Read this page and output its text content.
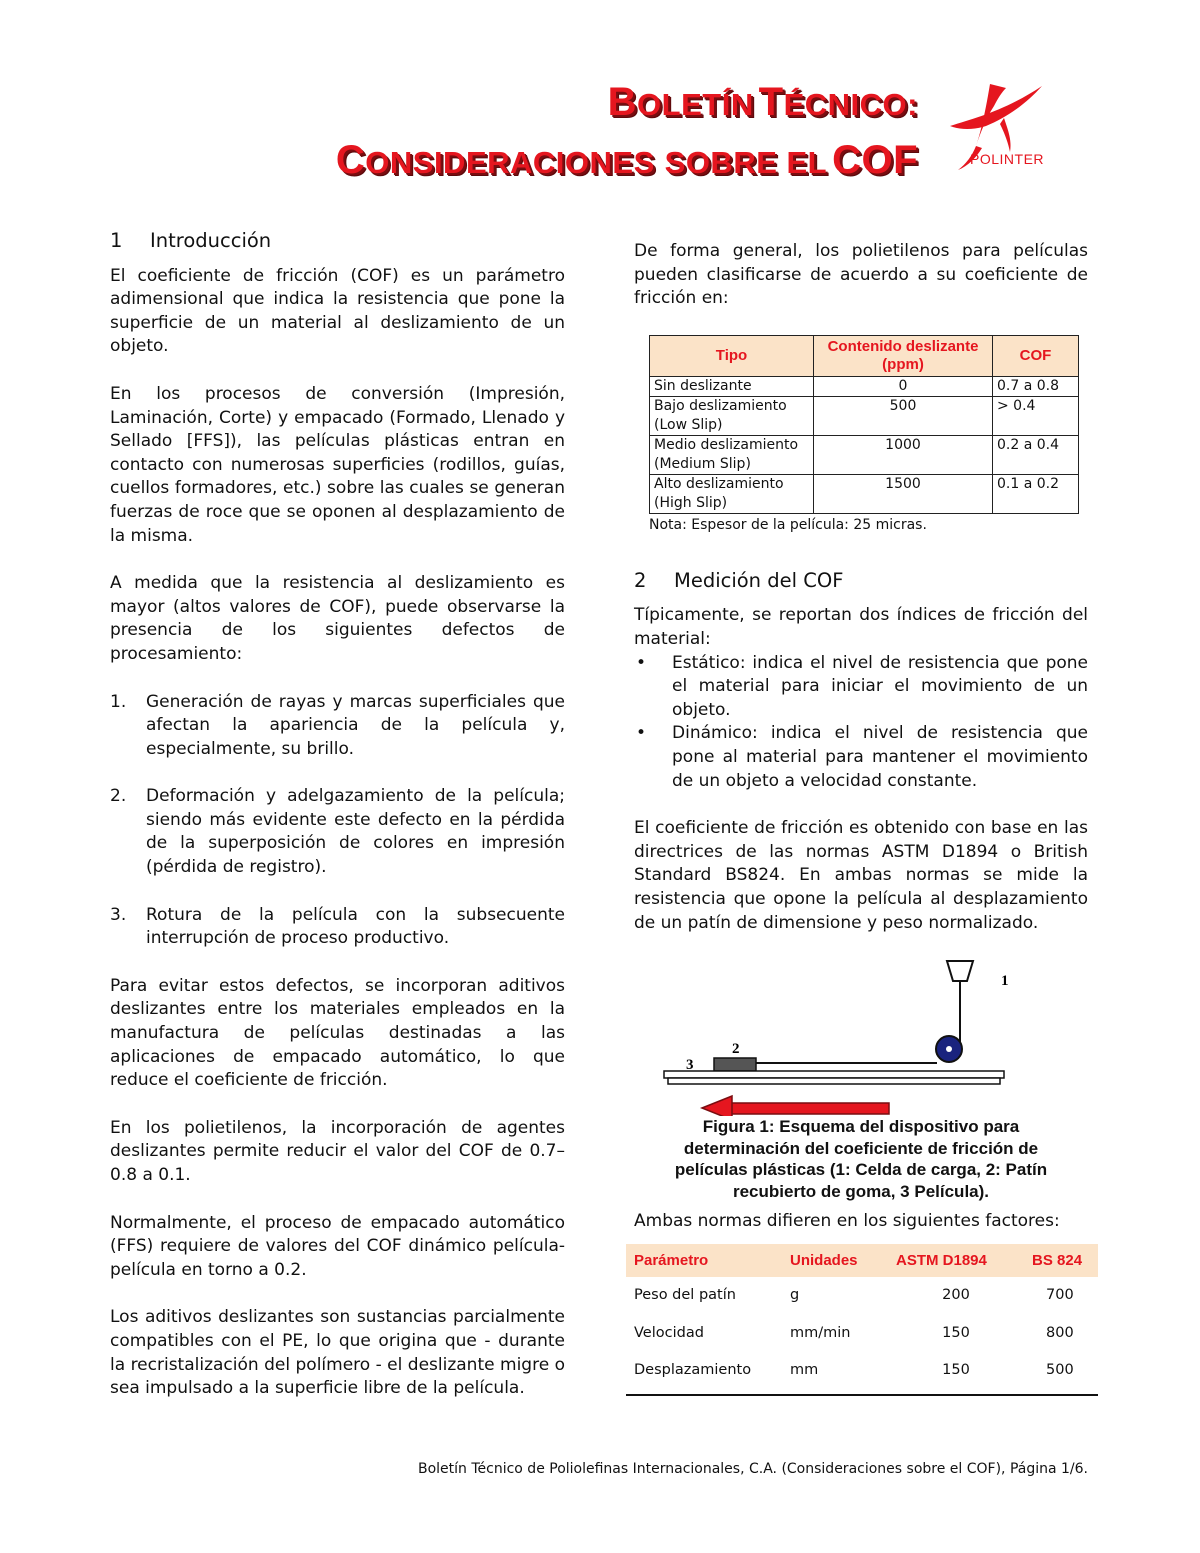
BOLETÍN TÉCNICO:
CONSIDERACIONES SOBRE EL COF	POLINTER
1 Introducción

El coeficiente de fricción (COF) es un parámetro adimensional que indica la resistencia que pone la superficie de un material al deslizamiento de un objeto.

En los procesos de conversión (Impresión, Laminación, Corte) y empacado (Formado, Llenado y Sellado [FFS]), las películas plásticas entran en contacto con numerosas superficies (rodillos, guías, cuellos formadores, etc.) sobre las cuales se generan fuerzas de roce que se oponen al desplazamiento de la misma.

A medida que la resistencia al deslizamiento es mayor (altos valores de COF), puede observarse la presencia de los siguientes defectos de procesamiento:

1.	Generación de rayas y marcas superficiales que afectan la apariencia de la película y, especialmente, su brillo.
2.	Deformación y adelgazamiento de la película; siendo más evidente este defecto en la pérdida de la superposición de colores en impresión (pérdida de registro).
3.	Rotura de la película con la subsecuente interrupción de proceso productivo.

Para evitar estos defectos, se incorporan aditivos deslizantes entre los materiales empleados en la manufactura de películas destinadas a las aplicaciones de empacado automático, lo que reduce el coeficiente de fricción.

En los polietilenos, la incorporación de agentes deslizantes permite reducir el valor del COF de 0.7–0.8 a 0.1.

Normalmente, el proceso de empacado automático (FFS) requiere de valores del COF dinámico película-película en torno a 0.2.

Los aditivos deslizantes son sustancias parcialmente compatibles con el PE, lo que origina que - durante la recristalización del polímero - el deslizante migre o sea impulsado a la superficie libre de la película.

De forma general, los polietilenos para películas pueden clasificarse de acuerdo a su coeficiente de fricción en:

Tipo	Contenido deslizante (ppm)	COF
Sin deslizante	0	0.7 a 0.8
Bajo deslizamiento (Low Slip)	500	> 0.4
Medio deslizamiento (Medium Slip)	1000	0.2 a 0.4
Alto deslizamiento (High Slip)	1500	0.1 a 0.2
Nota: Espesor de la película: 25 micras.
2 Medición del COF

Típicamente, se reportan dos índices de fricción del material:

•	Estático: indica el nivel de resistencia que pone el material para iniciar el movimiento de un objeto.
•	Dinámico: indica el nivel de resistencia que pone al material para mantener el movimiento de un objeto a velocidad constante.

El coeficiente de fricción es obtenido con base en las directrices de las normas ASTM D1894 o British Standard BS824. En ambas normas se mide la resistencia que opone la película al desplazamiento de un patín de dimensione y peso normalizado.

1
2
3
Figura 1: Esquema del dispositivo para determinación del coeficiente de fricción de películas plásticas (1: Celda de carga, 2: Patín recubierto de goma, 3 Película).

Ambas normas difieren en los siguientes factores:

Parámetro	Unidades	ASTM D1894	BS 824
Peso del patín	g	200	700
Velocidad	mm/min	150	800
Desplazamiento	mm	150	500
Boletín Técnico de Poliolefinas Internacionales, C.A. (Consideraciones sobre el COF), Página 1/6.
